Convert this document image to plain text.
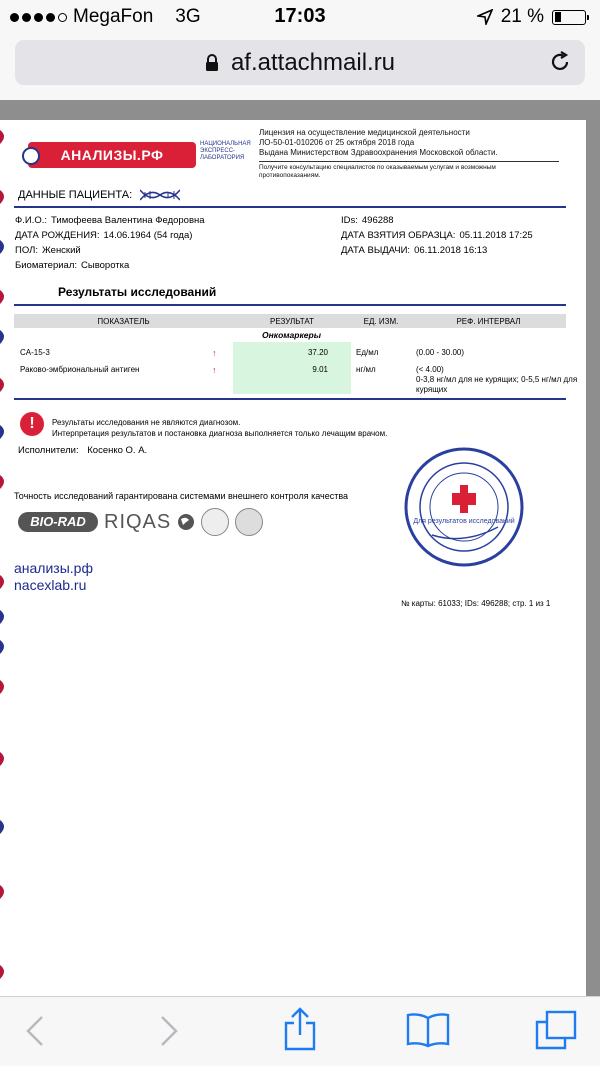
MegaFon 3G	17:03	21 %
af.attachmail.ru
АНАЛИЗЫ.РФ
НАЦИОНАЛЬНАЯ ЭКСПРЕСС-ЛАБОРАТОРИЯ
Лицензия на осуществление медицинской деятельности
ЛО-50-01-010206 от 25 октября 2018 года
Выдана Министерством Здравоохранения Московской области.
Получите консультацию специалистов по оказываемым услугам и возможным противопоказаниям.
ДАННЫЕ ПАЦИЕНТА:
Ф.И.О.: Тимофеева Валентина Федоровна
ДАТА РОЖДЕНИЯ: 14.06.1964 (54 года)
ПОЛ: Женский
Биоматериал: Сыворотка
IDs: 496288
ДАТА ВЗЯТИЯ ОБРАЗЦА: 05.11.2018 17:25
ДАТА ВЫДАЧИ: 06.11.2018 16:13
Результаты исследований
ПОКАЗАТЕЛЬ	РЕЗУЛЬТАТ	ЕД. ИЗМ.	РЕФ. ИНТЕРВАЛ
Онкомаркеры
CA-15-3	↑	37.20	Ед/мл	(0.00 - 30.00)
Раково-эмбриональный антиген	↑	9.01	нг/мл	(< 4.00)
0-3,8 нг/мл для не курящих; 0-5,5 нг/мл для курящих
!	Результаты исследования не являются диагнозом.
Интерпретация результатов и постановка диагноза выполняется только лечащим врачом.
Исполнители: Косенко О. А.
Точность исследований гарантирована системами внешнего контроля качества
BIO-RAD RIQAS
анализы.рф
nacexlab.ru
Для результатов исследований
№ карты: 61033; IDs: 496288; стр. 1 из 1
